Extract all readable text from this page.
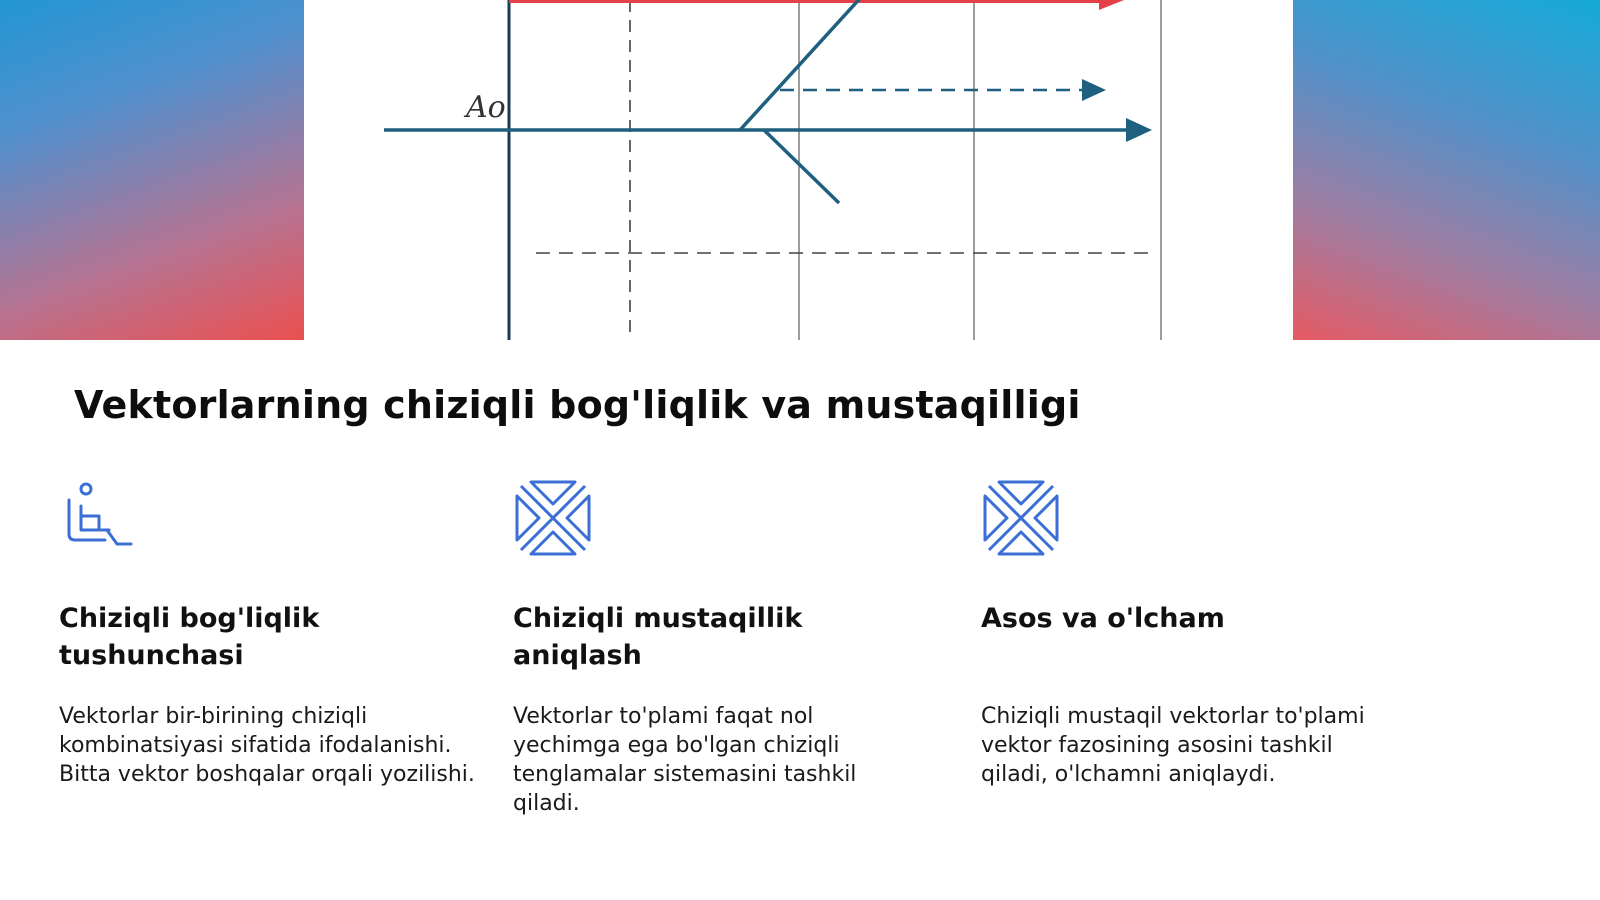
Ao
Vektorlarning chiziqli bog'liqlik va mustaqilligi
Chiziqli bog'liqlik tushunchasi

Vektorlar bir-birining chiziqli kombinatsiyasi sifatida ifodalanishi. Bitta vektor boshqalar orqali yozilishi.

Chiziqli mustaqillik aniqlash

Vektorlar to'plami faqat nol yechimga ega bo'lgan chiziqli tenglamalar sistemasini tashkil qiladi.

Asos va o'lcham

Chiziqli mustaqil vektorlar to'plami vektor fazosining asosini tashkil qiladi, o'lchamni aniqlaydi.
